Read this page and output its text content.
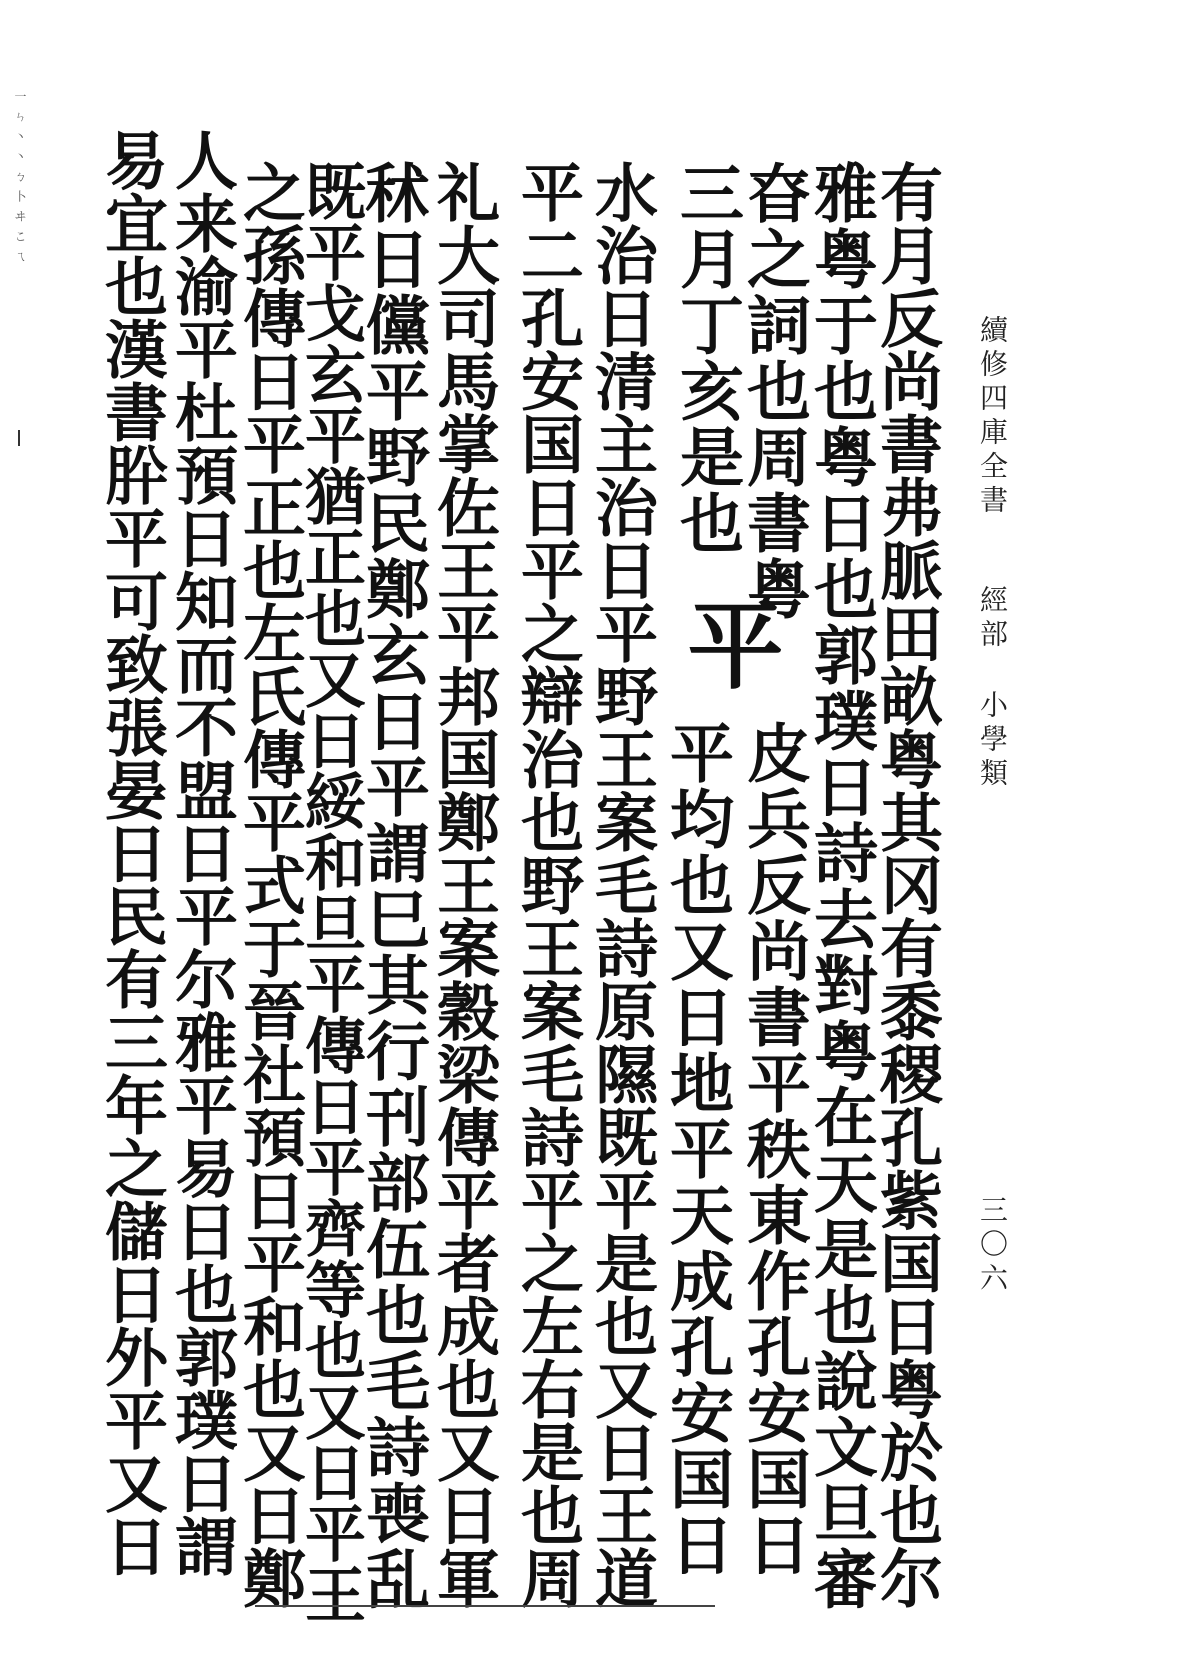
一ㄣ丶丶ㄅ卜ヰこㄟ
續修四庫全書
經部
小學類
三〇六
有月反尚書弗脈田畝粤其冈有黍稷孔紫国日粤於也尔
雅粤于也粤日也郭璞日詩去對粤在天是也說文旦審
昚之詞也周書粤
三月丁亥是也
平
皮兵反尚書平秩東作孔安国日
平均也又日地平天成孔安国日
水治日清主治日平野王案毛詩原隰既平是也又日王道
平二孔安国日平之辯治也野王案毛詩平之左右是也周
礼大司馬掌佐王平邦国鄭王案穀梁傳平者成也又日軍
秫日儻平野民鄭玄日平謂巳其行刊部伍也毛詩喪乱
既平戈玄平猶正也又日綏和旦平傳日平齊等也又日平王
之孫傳日平正也左氏傳平式于晉社預日平和也又日鄭
人来渝平杜預日知而不盟日平尔雅平易日也郭璞日謂
易宜也漢書肸平可致張晏日民有三年之儲日外平又日
